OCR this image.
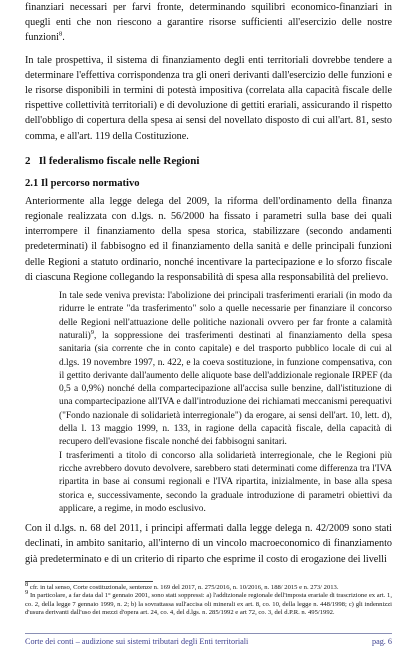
finanziari necessari per farvi fronte, determinando squilibri economico-finanziari in quegli enti che non riescono a garantire risorse sufficienti all'esercizio delle nostre funzioni$^8$.

In tale prospettiva, il sistema di finanziamento degli enti territoriali dovrebbe tendere a determinare l'effettiva corrispondenza tra gli oneri derivanti dall'esercizio delle funzioni e le risorse disponibili in termini di potestà impositiva (correlata alla capacità fiscale delle rispettive collettività territoriali) e di devoluzione di gettiti erariali, assicurando il rispetto dell'obbligo di copertura della spesa ai sensi del novellato disposto di cui all'art. 81, sesto comma, e all'art. 119 della Costituzione.

2 Il federalismo fiscale nelle Regioni
2.1 Il percorso normativo

Anteriormente alla legge delega del 2009, la riforma dell'ordinamento della finanza regionale realizzata con d.lgs. n. 56/2000 ha fissato i parametri sulla base dei quali interrompere il finanziamento della spesa storica, stabilizzare (secondo andamenti predeterminati) il fabbisogno ed il finanziamento della sanità e delle principali funzioni delle Regioni a statuto ordinario, nonché incentivare la partecipazione e lo sforzo fiscale di ciascuna Regione collegando la responsabilità di spesa alla responsabilità del prelievo.

In tale sede veniva prevista: l'abolizione dei principali trasferimenti erariali (in modo da ridurre le entrate "da trasferimento" solo a quelle necessarie per finanziare il concorso delle Regioni nell'attuazione delle politiche nazionali ovvero per far fronte a calamità naturali)$^9$, la soppressione dei trasferimenti destinati al finanziamento della spesa sanitaria (sia corrente che in conto capitale) e del trasporto pubblico locale di cui al d.lgs. 19 novembre 1997, n. 422, e la coeva sostituzione, in funzione compensativa, con il gettito derivante dall'aumento delle aliquote base dell'addizionale regionale IRPEF (da 0,5 a 0,9%) nonché della compartecipazione all'accisa sulle benzine, dall'istituzione di una compartecipazione all'IVA e dall'introduzione dei richiamati meccanismi perequativi ("Fondo nazionale di solidarietà interregionale") da erogare, ai sensi dell'art. 10, lett. d), della l. 13 maggio 1999, n. 133, in ragione della capacità fiscale, della capacità di recupero dell'evasione fiscale nonché dei fabbisogni sanitari.

I trasferimenti a titolo di concorso alla solidarietà interregionale, che le Regioni più ricche avrebbero dovuto devolvere, sarebbero stati determinati come differenza tra l'IVA ripartita in base ai consumi regionali e l'IVA ripartita, inizialmente, in base alla spesa storica e, successivamente, secondo la graduale introduzione di parametri obiettivi da applicare, a regime, in modo esclusivo.

Con il d.lgs. n. 68 del 2011, i principi affermati dalla legge delega n. 42/2009 sono stati declinati, in ambito sanitario, all'interno di un vincolo macroeconomico di finanziamento già predeterminato e di un criterio di riparto che esprime il costo di erogazione dei livelli

$^8$ cfr. in tal senso, Corte costituzionale, sentenze n. 169 del 2017, n. 275/2016, n. 10/2016, n. 188/ 2015 e n. 273/ 2013.

$^9$ In particolare, a far data dal 1° gennaio 2001, sono stati soppressi: a) l'addizionale regionale dell'imposta erariale di trascrizione ex art. 1, co. 2, della legge 7 gennaio 1999, n. 2; b) la sovrattassa sull'accisa oli minerali ex art. 8, co. 10, della legge n. 448/1998; c) gli indennizzi d'usura derivanti dall'uso dei mezzi d'opera art. 24, co. 4, del d.lgs. n. 285/1992 e art 72, co. 3, del d.P.R. n. 495/1992.

Corte dei conti – audizione sui sistemi tributari degli Enti territoriali	pag. 6
